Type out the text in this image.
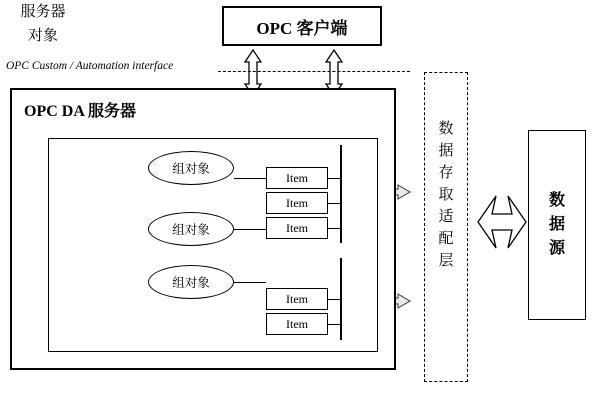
OPC 客户端
OPC Custom / Automation interface
OPC DA 服务器
服务器
对象
组对象
组对象
组对象
Item
Item
Item
Item
Item
数
据
存
取
适
配
层
数
据
源
